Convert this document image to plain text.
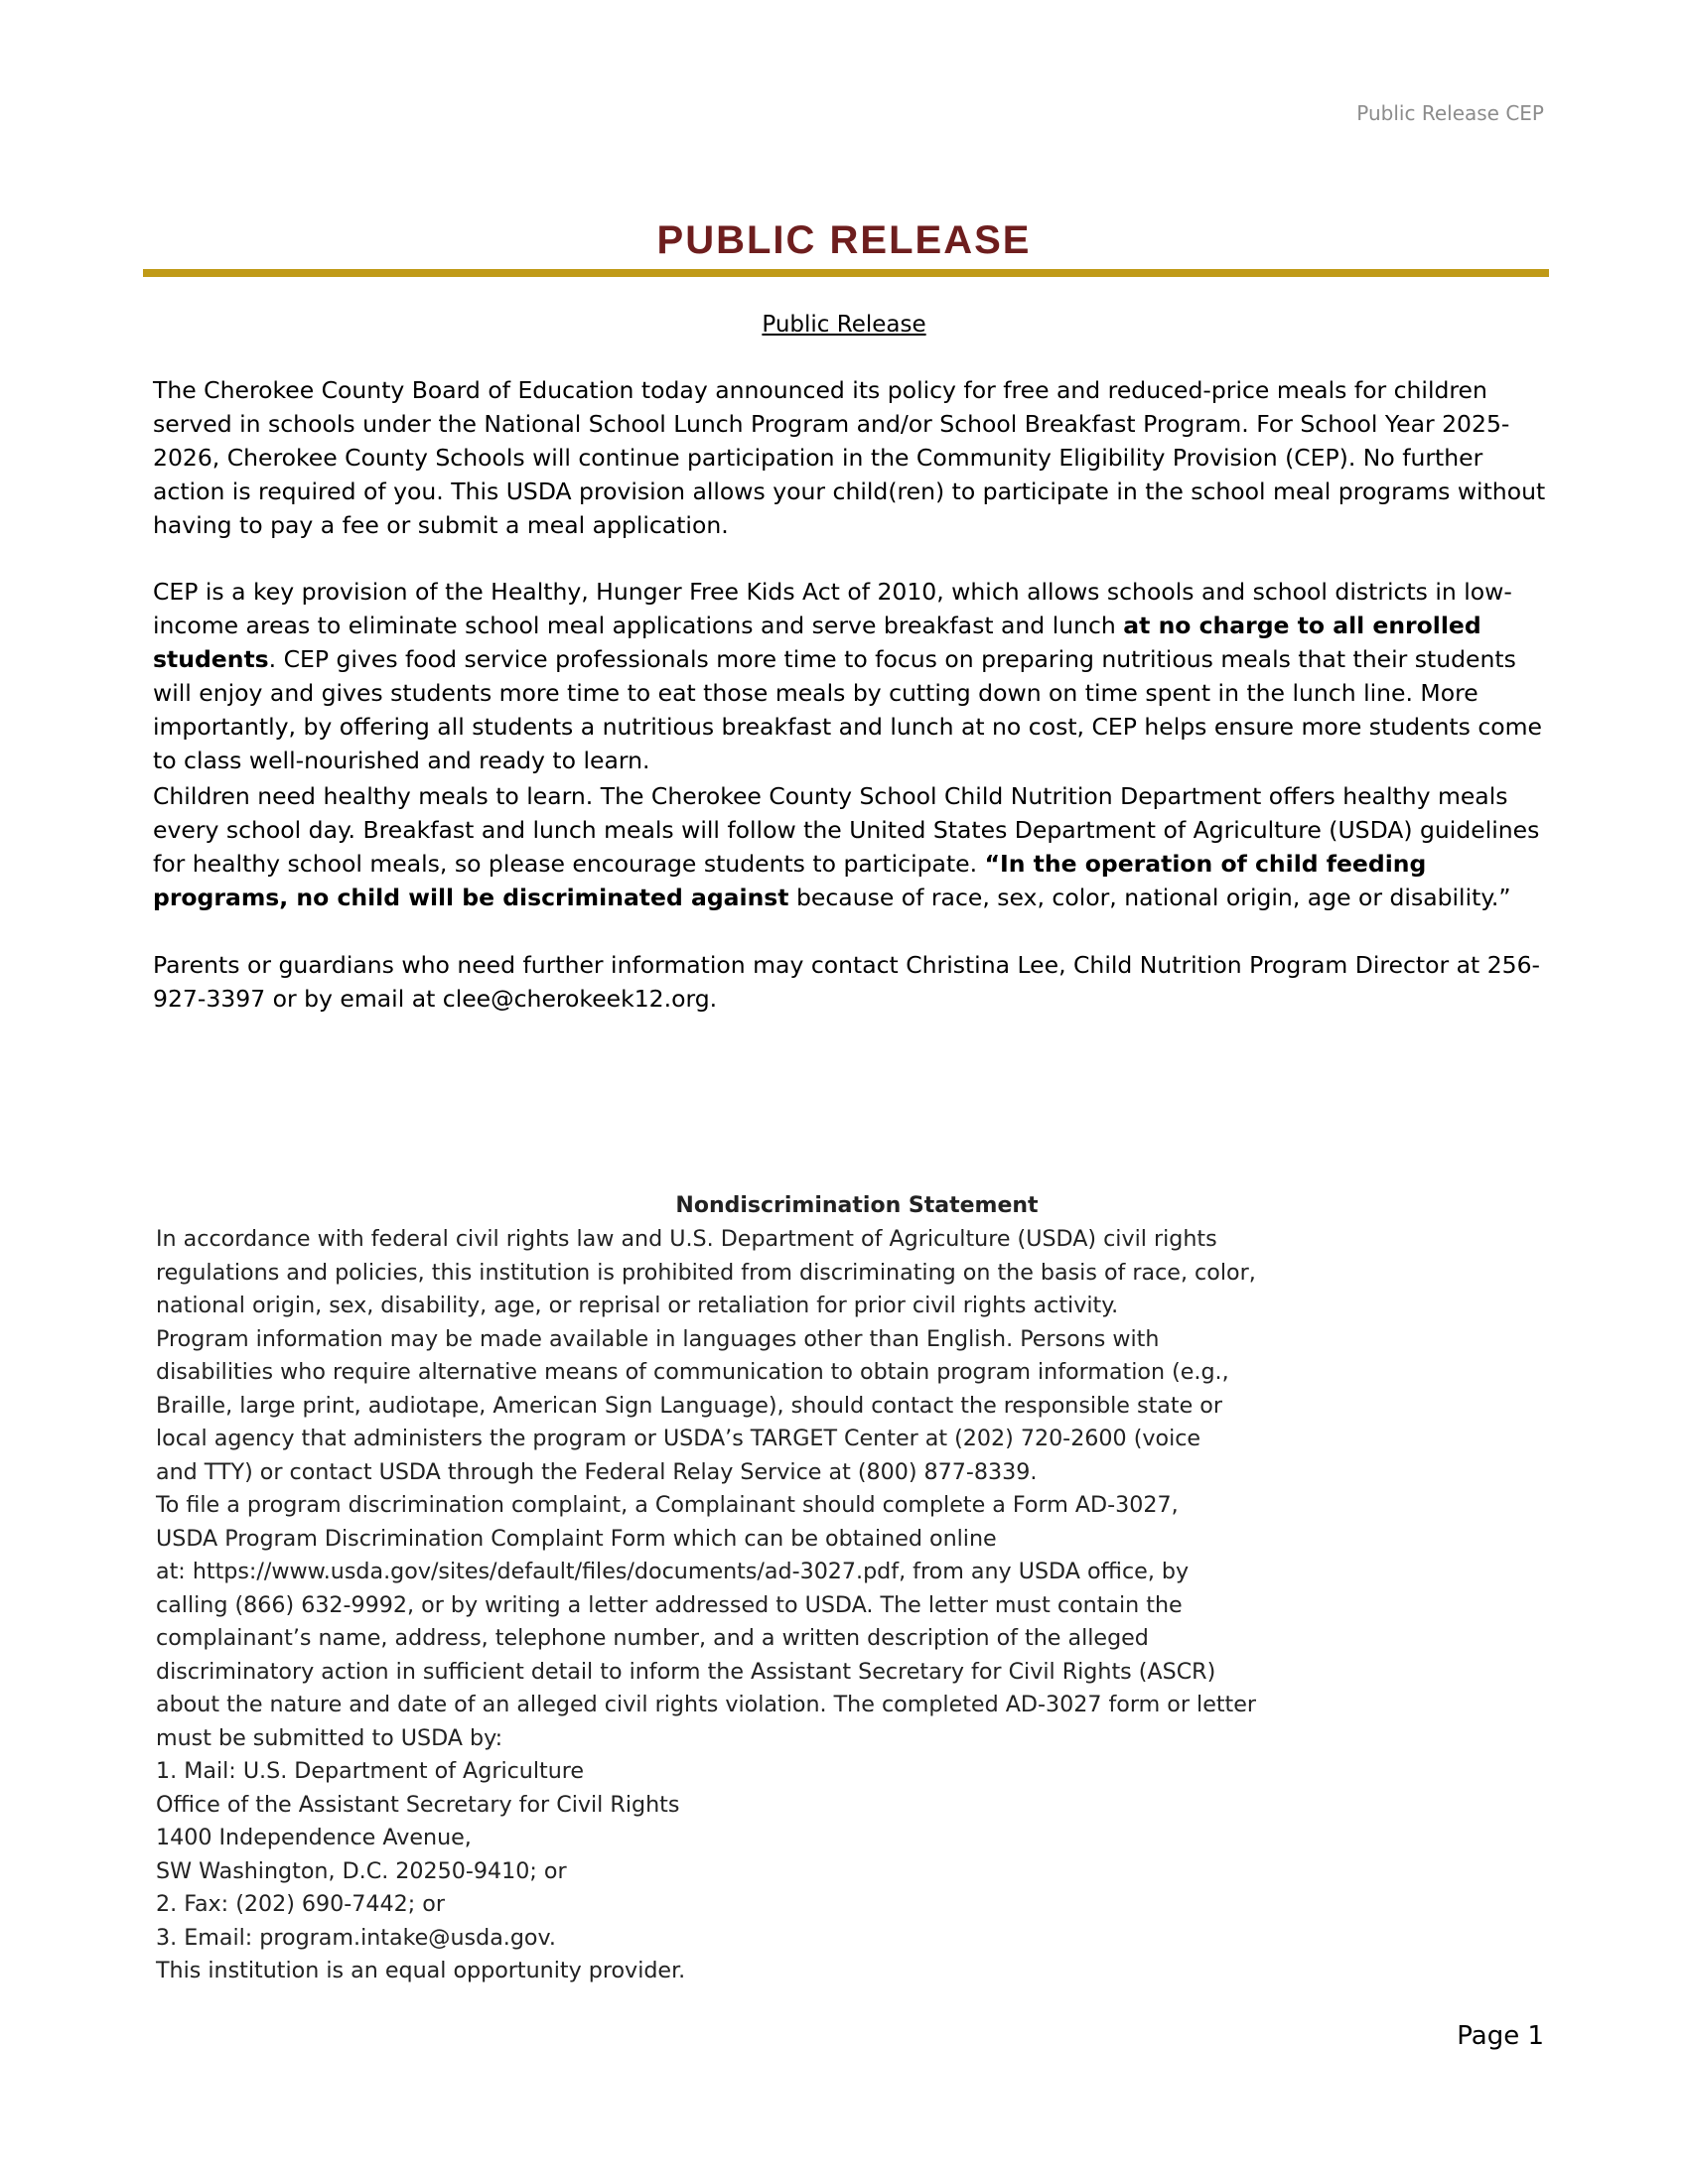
Public Release CEP
PUBLIC RELEASE
Public Release

The Cherokee County Board of Education today announced its policy for free and reduced-price meals for children served in schools under the National School Lunch Program and/or School Breakfast Program. For School Year 2025-2026, Cherokee County Schools will continue participation in the Community Eligibility Provision (CEP). No further action is required of you. This USDA provision allows your child(ren) to participate in the school meal programs without having to pay a fee or submit a meal application.

CEP is a key provision of the Healthy, Hunger Free Kids Act of 2010, which allows schools and school districts in low-income areas to eliminate school meal applications and serve breakfast and lunch at no charge to all enrolled students. CEP gives food service professionals more time to focus on preparing nutritious meals that their students will enjoy and gives students more time to eat those meals by cutting down on time spent in the lunch line. More importantly, by offering all students a nutritious breakfast and lunch at no cost, CEP helps ensure more students come to class well-nourished and ready to learn.

Children need healthy meals to learn. The Cherokee County School Child Nutrition Department offers healthy meals every school day. Breakfast and lunch meals will follow the United States Department of Agriculture (USDA) guidelines for healthy school meals, so please encourage students to participate. “In the operation of child feeding programs, no child will be discriminated against because of race, sex, color, national origin, age or disability.”

Parents or guardians who need further information may contact Christina Lee, Child Nutrition Program Director at 256-927-3397 or by email at clee@cherokeek12.org.

Nondiscrimination Statement
In accordance with federal civil rights law and U.S. Department of Agriculture (USDA) civil rights
regulations and policies, this institution is prohibited from discriminating on the basis of race, color,
national origin, sex, disability, age, or reprisal or retaliation for prior civil rights activity.
Program information may be made available in languages other than English. Persons with
disabilities who require alternative means of communication to obtain program information (e.g.,
Braille, large print, audiotape, American Sign Language), should contact the responsible state or
local agency that administers the program or USDA’s TARGET Center at (202) 720-2600 (voice
and TTY) or contact USDA through the Federal Relay Service at (800) 877-8339.
To file a program discrimination complaint, a Complainant should complete a Form AD-3027,
USDA Program Discrimination Complaint Form which can be obtained online
at: https://www.usda.gov/sites/default/files/documents/ad-3027.pdf, from any USDA office, by
calling (866) 632-9992, or by writing a letter addressed to USDA. The letter must contain the
complainant’s name, address, telephone number, and a written description of the alleged
discriminatory action in sufficient detail to inform the Assistant Secretary for Civil Rights (ASCR)
about the nature and date of an alleged civil rights violation. The completed AD-3027 form or letter
must be submitted to USDA by:
1. Mail: U.S. Department of Agriculture
Office of the Assistant Secretary for Civil Rights
1400 Independence Avenue,
SW Washington, D.C. 20250-9410; or
2. Fax: (202) 690-7442; or
3. Email: program.intake@usda.gov.
This institution is an equal opportunity provider.
Page 1
